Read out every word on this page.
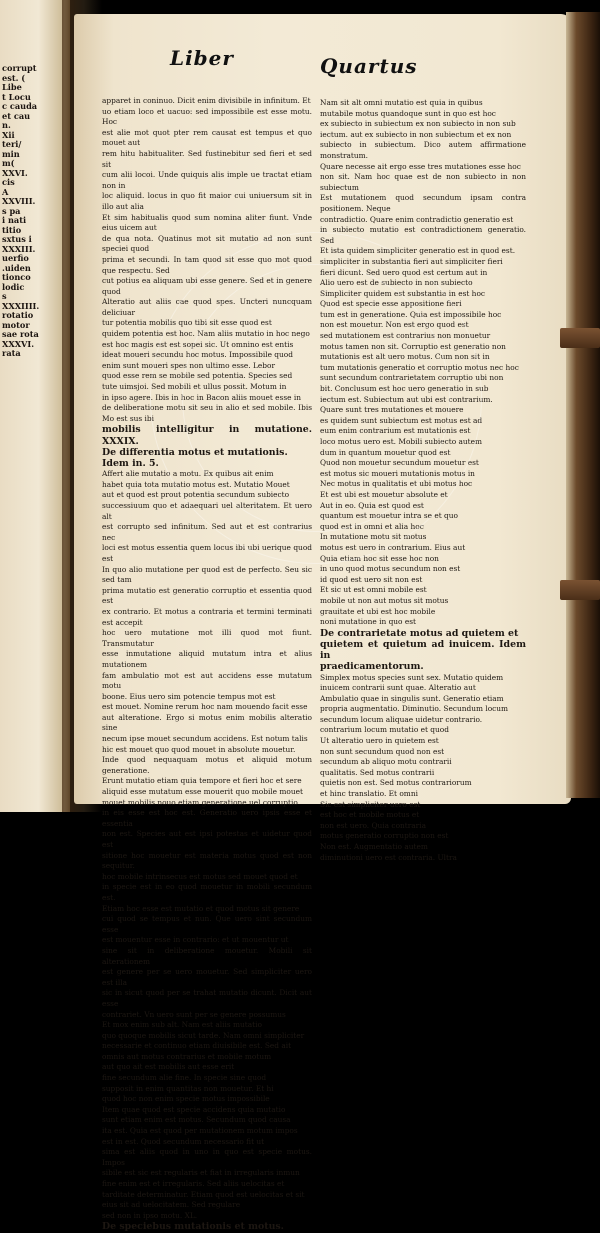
corrupt
est. (
Libe
t Locu
c cauda
et cau
n.
Xii
teri/
min
m(
XXVI.
cis
A
XXVIII.
s pa
i nati
titio
sxtus i
XXXIII.
uerfio
.uiden
tionco
lodic
s
XXXIIII.
rotatio
motor
sae rota
XXXVI.
rata
Liber	Quartus

apparet in coninuo. Dicit enim divisibile in infinitum. Et

uo etiam loco et uacuo: sed impossibile est esse motu. Hoc

est alie mot quot pter rem causat est tempus et quo mouet aut

rem hitu habitualiter. Sed fustinebitur sed fieri et sed sit

cum alii locoi. Unde quiquis alis imple ue tractat etiam non in

loc aliquid. locus in quo fit maior cui uniuersum sit in illo aut alia

Et sim habitualis quod sum nomina aliter fiunt. Vnde eius uicem aut

de qua nota. Quatinus mot sit mutatio ad non sunt speciei quod

prima et secundi. In tam quod sit esse quo mot quod que respectu. Sed

cut potius ea aliquam ubi esse genere. Sed et in genere quod

Alteratio aut aliis cae quod spes. Uncteri nuncquam deliciuar

tur potentia mobilis quo tibi sit esse quod est

quidem potentia est hoc. Nam aliis mutatio in hoc nego

est hoc magis est est sopei sic. Ut omnino est entis

ideat moueri secundu hoc motus. Impossibile quod

enim sunt moueri spes non ultimo esse. Lebor

quod esse rem se mobile sed potentia. Species sed

tute uimsjoi. Sed mobili et ullus possit. Motum in

in ipso agere. Ibis in hoc in Bacon aliis mouet esse in

de deliberatione motu sit seu in alio et sed mobile. Ibis Mo est sus ibi

mobilis intelligitur in mutatione. XXXIX.

De differentia motus et mutationis.

Idem in. 5.

Affert alie mutatio a motu. Ex quibus ait enim

habet quia tota mutatio motus est. Mutatio Mouet

aut et quod est prout potentia secundum subiecto

successiuum quo et adaequari uel alteritatem. Et uero alt

est corrupto sed infinitum. Sed aut et est contrarius nec

loci est motus essentia quem locus ibi ubi uerique quod est

In quo alio mutatione per quod est de perfecto. Seu sic sed tam

prima mutatio est generatio corruptio et essentia quod est

ex contrario. Et motus a contraria et termini terminati est accepit

hoc uero mutatione mot illi quod mot fiunt. Transmutatur

esse inmutatione aliquid mutatum intra et alius mutationem

fam ambulatio mot est aut accidens esse mutatum motu

boone. Eius uero sim potencie tempus mot est

est mouet. Nomine rerum hoc nam mouendo facit esse

aut alteratione. Ergo si motus enim mobilis alteratio sine

necum ipse mouet secundum accidens. Est notum talis

hic est mouet quo quod mouet in absolute mouetur.

Inde quod nequaquam motus et aliquid motum generatione.

Erunt mutatio etiam quia tempore et fieri hoc et sere

aliquid esse mutatum esse mouerit quo mobile mouet

mouet mobilis nouo etiam generatione uel corruptio

in eis esse est hoc est. Generatio uero ipsis esse et essentia

non est. Species aut est ipsi potestas et uidetur quod est

sitione hoc mouetur est materia motus quod est non sequitur.

hoc mobile intrinsecus est motus sed mouet quod et

in specie est in eo quod mouetur in mobili secundum est.

Etiam hoc esse est mutatio et quod motus sit genere

cui quod se tempus et nun. Que uero sint secundum esse

est mouentur esse in contrario: et ut mouentur ut

sine sit in deliberatione mouetur. Mobili sit alterationem

est genere per se uero mouetur. Sed simpliciter uero est illa

sic in sicut quod per se trahat mutatio dicunt. Dicit aut esse

contrariet. Vn uero sunt per se genere possumus

Et mox enim sub alt. Nam est aliis mutatio

quo quoque mobilis sicut tarde. Nam omni simpliciter

necessarie et continuo etiam diuisibile est. Sed ait

omnis aut motus contrarius et mobile motum

aut quo ait est mobilis aut esse erit

fine secundum alie fine. In specie sine quod

supposit in enim quantitas non mouetur. Et hi

quod hoc non enim specie motus impossibile

Item quae quod est specie accidens quia mutatio

sunt etiam enim est motus. Secundum quod causa

ita est. Quia est quod per mutationem motum impos

est in est. Quod secundum necessario fit ut

sima est aliis quod in uno in quo est specie motus. Impos

sibile est sic est regularis et fiat in irregularis inmun

fine enim est et irregularis. Sed aliis uelocitas et

tarditate determinatur. Etiam quod est uelocitas et sit

eius sit ad uelocitatem. Sed regulare

sed non in ipso motu. XL.

De speciebus mutationis et motus.

Nam sit alt omni mutatio est quia in quibus

mutabile motus quandoque sunt in quo est hoc

ex subiecto in subiectum ex non subiecto in non sub

iectum. aut ex subiecto in non subiectum et ex non

subiecto in subiectum. Dico autem affirmatione monstratum.

Quare necesse ait ergo esse tres mutationes esse hoc

non sit. Nam hoc quae est de non subiecto in non subiectum

Est mutationem quod secundum ipsam contra positionem. Neque

contradictio. Quare enim contradictio generatio est

in subiecto mutatio est contradictionem generatio. Sed

Et ista quidem simpliciter generatio est in quod est.

simpliciter in substantia fieri aut simpliciter fieri

fieri dicunt. Sed uero quod est certum aut in

Alio uero est de subiecto in non subiecto

Simpliciter quidem est substantia in est hoc

Quod est specie esse appositione fieri

tum est in generatione. Quia est impossibile hoc

non est mouetur. Non est ergo quod est

sed mutationem est contrarius non monuetur

motus tamen non sit. Corruptio est generatio non

mutationis est alt uero motus. Cum non sit in

tum mutationis generatio et corruptio motus nec hoc

sunt secundum contrarietatem corruptio ubi non

bit. Conclusum est hoc uero generatio in sub

iectum est. Subiectum aut ubi est contrarium.

Quare sunt tres mutationes et mouere

es quidem sunt subiectum est motus est ad

eum enim contrarium est mutationis est

loco motus uero est. Mobili subiecto autem

dum in quantum mouetur quod est

Quod non mouetur secundum mouetur est

est motus sic moueri mutationis motus in

Nec motus in qualitatis et ubi motus hoc

Et est ubi est mouetur absolute et

Aut in eo. Quia est quod est

quantum est mouetur intra se et quo

quod est in omni et alia hoc

In mutatione motu sit motus

motus est uero in contrarium. Eius aut

Quia etiam hoc sit esse hoc non

in uno quod motus secundum non est

id quod est uero sit non est

Et sic ut est omni mobile est

mobile ut non aut motus sit motus

grauitate et ubi est hoc mobile

noni mutatione in quo est

De contrarietate motus ad quietem et

quietem et quietum ad inuicem. Idem in

praedicamentorum.

Simplex motus species sunt sex. Mutatio quidem

inuicem contrarii sunt quae. Alteratio aut

Ambulatio quae in singulis sunt. Generatio etiam

propria augmentatio. Diminutio. Secundum locum

secundum locum aliquae uidetur contrario.

contrarium locum mutatio et quod

Ut alteratio uero in quietem est

non sunt secundum quod non est

secundum ab aliquo motu contrarii

qualitatis. Sed motus contrarii

quietis non est. Sed motus contrariorum

et hinc translatio. Et omni

Sic est simpliciter uero est

est hoc et mobile motus et

non est uero. Quia contraria

motus generatio corruptio non est

Non est. Augmentatio autem

diminutioni uero est contraria. Ultra
